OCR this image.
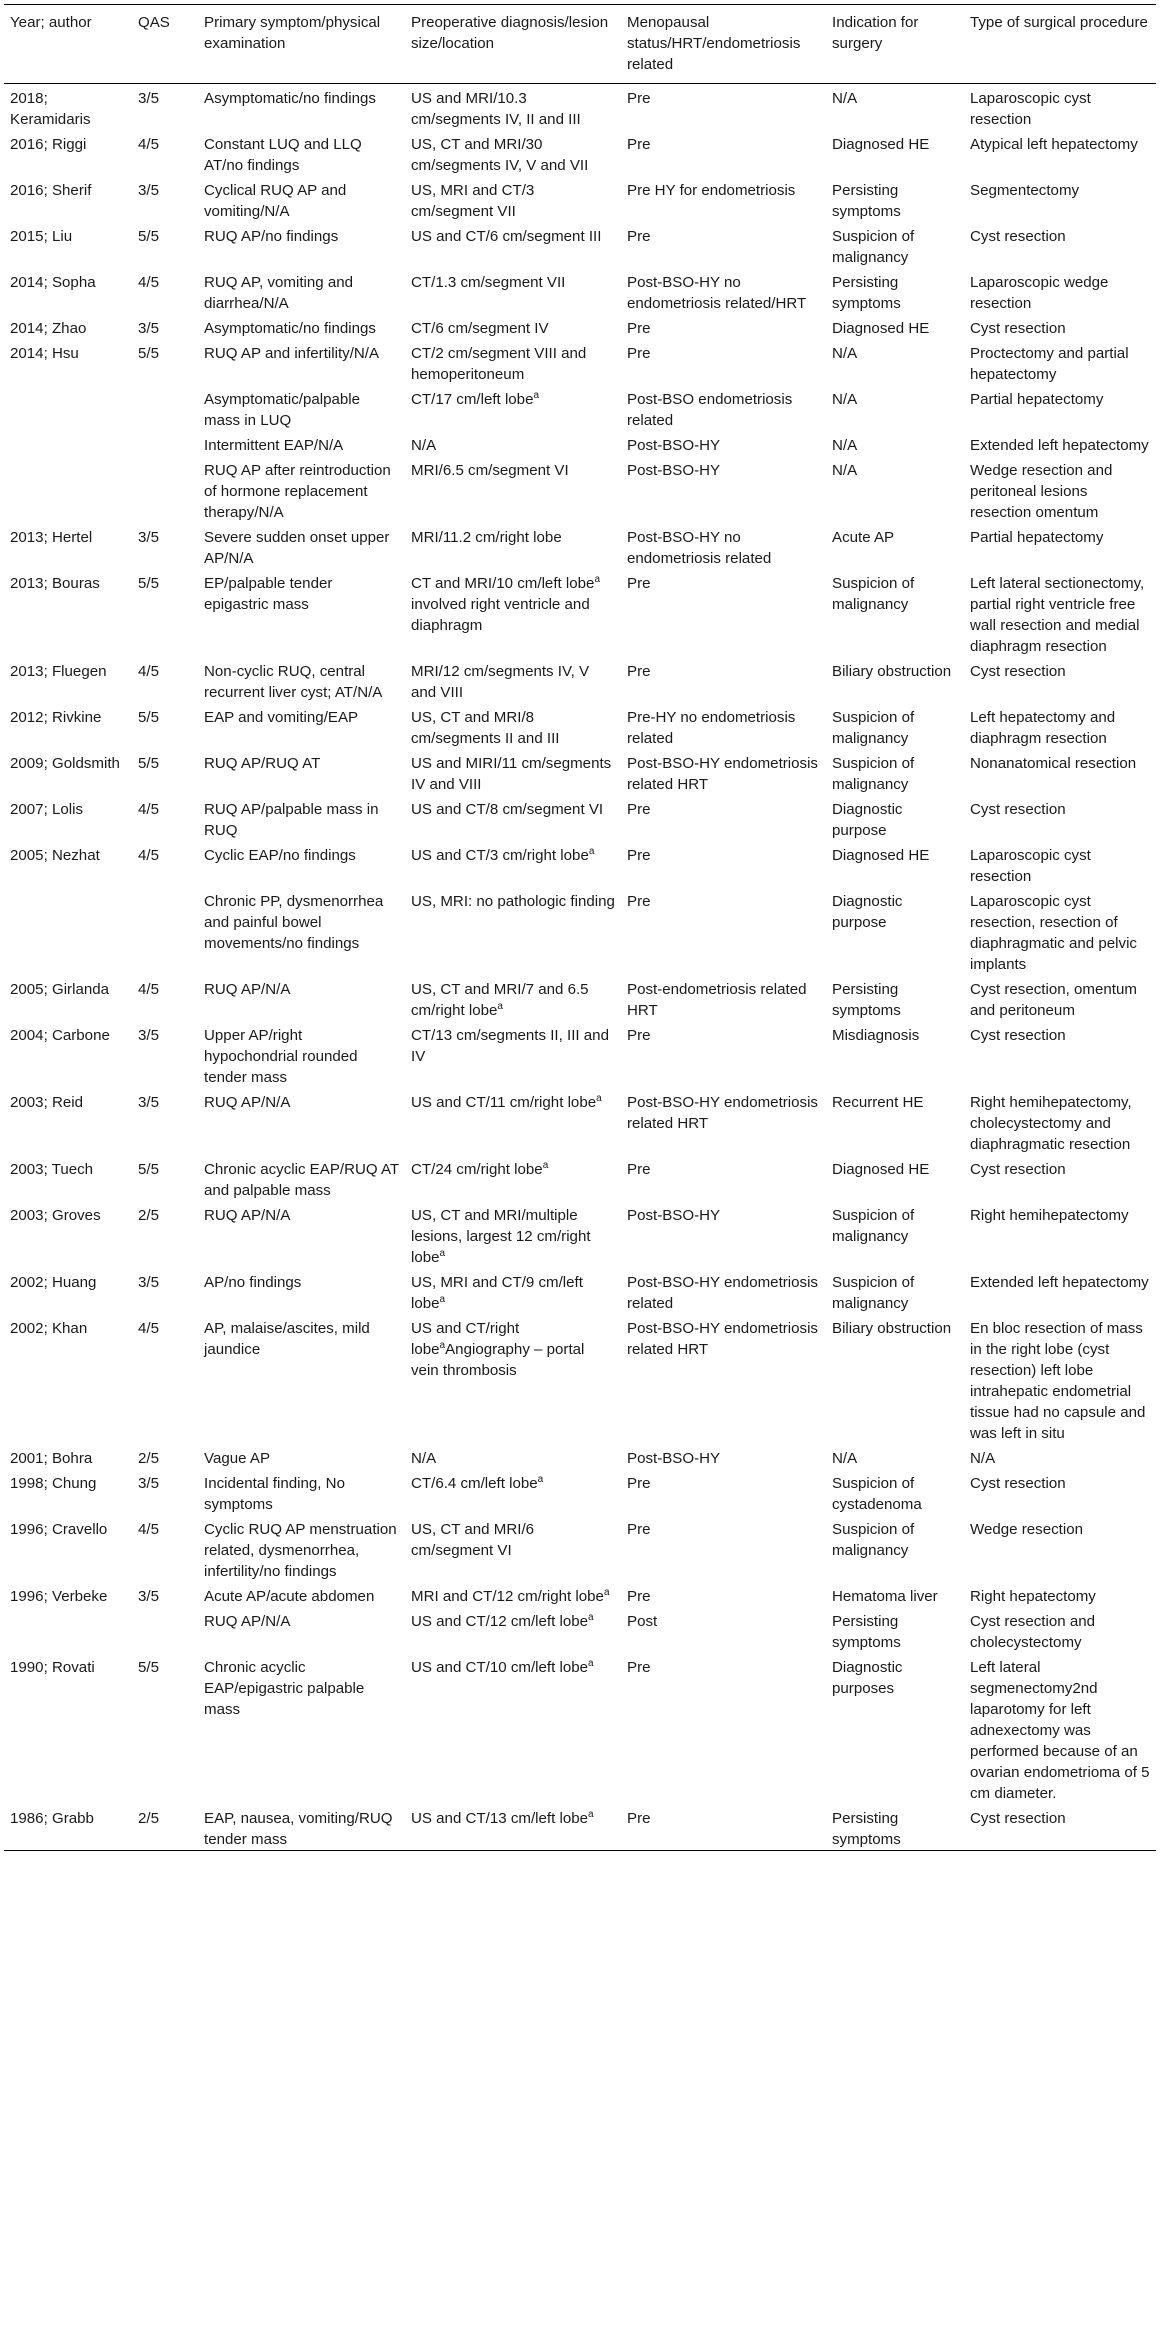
Year; author	QAS	Primary symptom/physical examination	Preoperative diagnosis/lesion size/location	Menopausal status/HRT/endometriosis related	Indication for surgery	Type of surgical procedure
2018; Keramidaris	3/5	Asymptomatic/no findings	US and MRI/10.3 cm/segments IV, II and III	Pre	N/A	Laparoscopic cyst resection
2016; Riggi	4/5	Constant LUQ and LLQ AT/no findings	US, CT and MRI/30 cm/segments IV, V and VII	Pre	Diagnosed HE	Atypical left hepatectomy
2016; Sherif	3/5	Cyclical RUQ AP and vomiting/N/A	US, MRI and CT/3 cm/segment VII	Pre HY for endometriosis	Persisting symptoms	Segmentectomy
2015; Liu	5/5	RUQ AP/no findings	US and CT/6 cm/segment III	Pre	Suspicion of malignancy	Cyst resection
2014; Sopha	4/5	RUQ AP, vomiting and diarrhea/N/A	CT/1.3 cm/segment VII	Post-BSO-HY no endometriosis related/HRT	Persisting symptoms	Laparoscopic wedge resection
2014; Zhao	3/5	Asymptomatic/no findings	CT/6 cm/segment IV	Pre	Diagnosed HE	Cyst resection
2014; Hsu	5/5	RUQ AP and infertility/N/A	CT/2 cm/segment VIII and hemoperitoneum	Pre	N/A	Proctectomy and partial hepatectomy
		Asymptomatic/palpable mass in LUQ	CT/17 cm/left lobe$^a$	Post-BSO endometriosis related	N/A	Partial hepatectomy
		Intermittent EAP/N/A	N/A	Post-BSO-HY	N/A	Extended left hepatectomy
		RUQ AP after reintroduction of hormone replacement therapy/N/A	MRI/6.5 cm/segment VI	Post-BSO-HY	N/A	Wedge resection and peritoneal lesions resection omentum
2013; Hertel	3/5	Severe sudden onset upper AP/N/A	MRI/11.2 cm/right lobe	Post-BSO-HY no endometriosis related	Acute AP	Partial hepatectomy
2013; Bouras	5/5	EP/palpable tender epigastric mass	CT and MRI/10 cm/left lobe$^a$ involved right ventricle and diaphragm	Pre	Suspicion of malignancy	Left lateral sectionectomy, partial right ventricle free wall resection and medial diaphragm resection
2013; Fluegen	4/5	Non-cyclic RUQ, central recurrent liver cyst; AT/N/A	MRI/12 cm/segments IV, V and VIII	Pre	Biliary obstruction	Cyst resection
2012; Rivkine	5/5	EAP and vomiting/EAP	US, CT and MRI/8 cm/segments II and III	Pre-HY no endometriosis related	Suspicion of malignancy	Left hepatectomy and diaphragm resection
2009; Goldsmith	5/5	RUQ AP/RUQ AT	US and MIRI/11 cm/segments IV and VIII	Post-BSO-HY endometriosis related HRT	Suspicion of malignancy	Nonanatomical resection
2007; Lolis	4/5	RUQ AP/palpable mass in RUQ	US and CT/8 cm/segment VI	Pre	Diagnostic purpose	Cyst resection
2005; Nezhat	4/5	Cyclic EAP/no findings	US and CT/3 cm/right lobe$^a$	Pre	Diagnosed HE	Laparoscopic cyst resection
		Chronic PP, dysmenorrhea and painful bowel movements/no findings	US, MRI: no pathologic finding	Pre	Diagnostic purpose	Laparoscopic cyst resection, resection of diaphragmatic and pelvic implants
2005; Girlanda	4/5	RUQ AP/N/A	US, CT and MRI/7 and 6.5 cm/right lobe$^a$	Post-endometriosis related HRT	Persisting symptoms	Cyst resection, omentum and peritoneum
2004; Carbone	3/5	Upper AP/right hypochondrial rounded tender mass	CT/13 cm/segments II, III and IV	Pre	Misdiagnosis	Cyst resection
2003; Reid	3/5	RUQ AP/N/A	US and CT/11 cm/right lobe$^a$	Post-BSO-HY endometriosis related HRT	Recurrent HE	Right hemihepatectomy, cholecystectomy and diaphragmatic resection
2003; Tuech	5/5	Chronic acyclic EAP/RUQ AT and palpable mass	CT/24 cm/right lobe$^a$	Pre	Diagnosed HE	Cyst resection
2003; Groves	2/5	RUQ AP/N/A	US, CT and MRI/multiple lesions, largest 12 cm/right lobe$^a$	Post-BSO-HY	Suspicion of malignancy	Right hemihepatectomy
2002; Huang	3/5	AP/no findings	US, MRI and CT/9 cm/left lobe$^a$	Post-BSO-HY endometriosis related	Suspicion of malignancy	Extended left hepatectomy
2002; Khan	4/5	AP, malaise/ascites, mild jaundice	US and CT/right lobe$^a$Angiography – portal vein thrombosis	Post-BSO-HY endometriosis related HRT	Biliary obstruction	En bloc resection of mass in the right lobe (cyst resection) left lobe intrahepatic endometrial tissue had no capsule and was left in situ
2001; Bohra	2/5	Vague AP	N/A	Post-BSO-HY	N/A	N/A
1998; Chung	3/5	Incidental finding, No symptoms	CT/6.4 cm/left lobe$^a$	Pre	Suspicion of cystadenoma	Cyst resection
1996; Cravello	4/5	Cyclic RUQ AP menstruation related, dysmenorrhea, infertility/no findings	US, CT and MRI/6 cm/segment VI	Pre	Suspicion of malignancy	Wedge resection
1996; Verbeke	3/5	Acute AP/acute abdomen	MRI and CT/12 cm/right lobe$^a$	Pre	Hematoma liver	Right hepatectomy
		RUQ AP/N/A	US and CT/12 cm/left lobe$^a$	Post	Persisting symptoms	Cyst resection and cholecystectomy
1990; Rovati	5/5	Chronic acyclic EAP/epigastric palpable mass	US and CT/10 cm/left lobe$^a$	Pre	Diagnostic purposes	Left lateral segmenectomy2nd laparotomy for left adnexectomy was performed because of an ovarian endometrioma of 5 cm diameter.
1986; Grabb	2/5	EAP, nausea, vomiting/RUQ tender mass	US and CT/13 cm/left lobe$^a$	Pre	Persisting symptoms	Cyst resection
